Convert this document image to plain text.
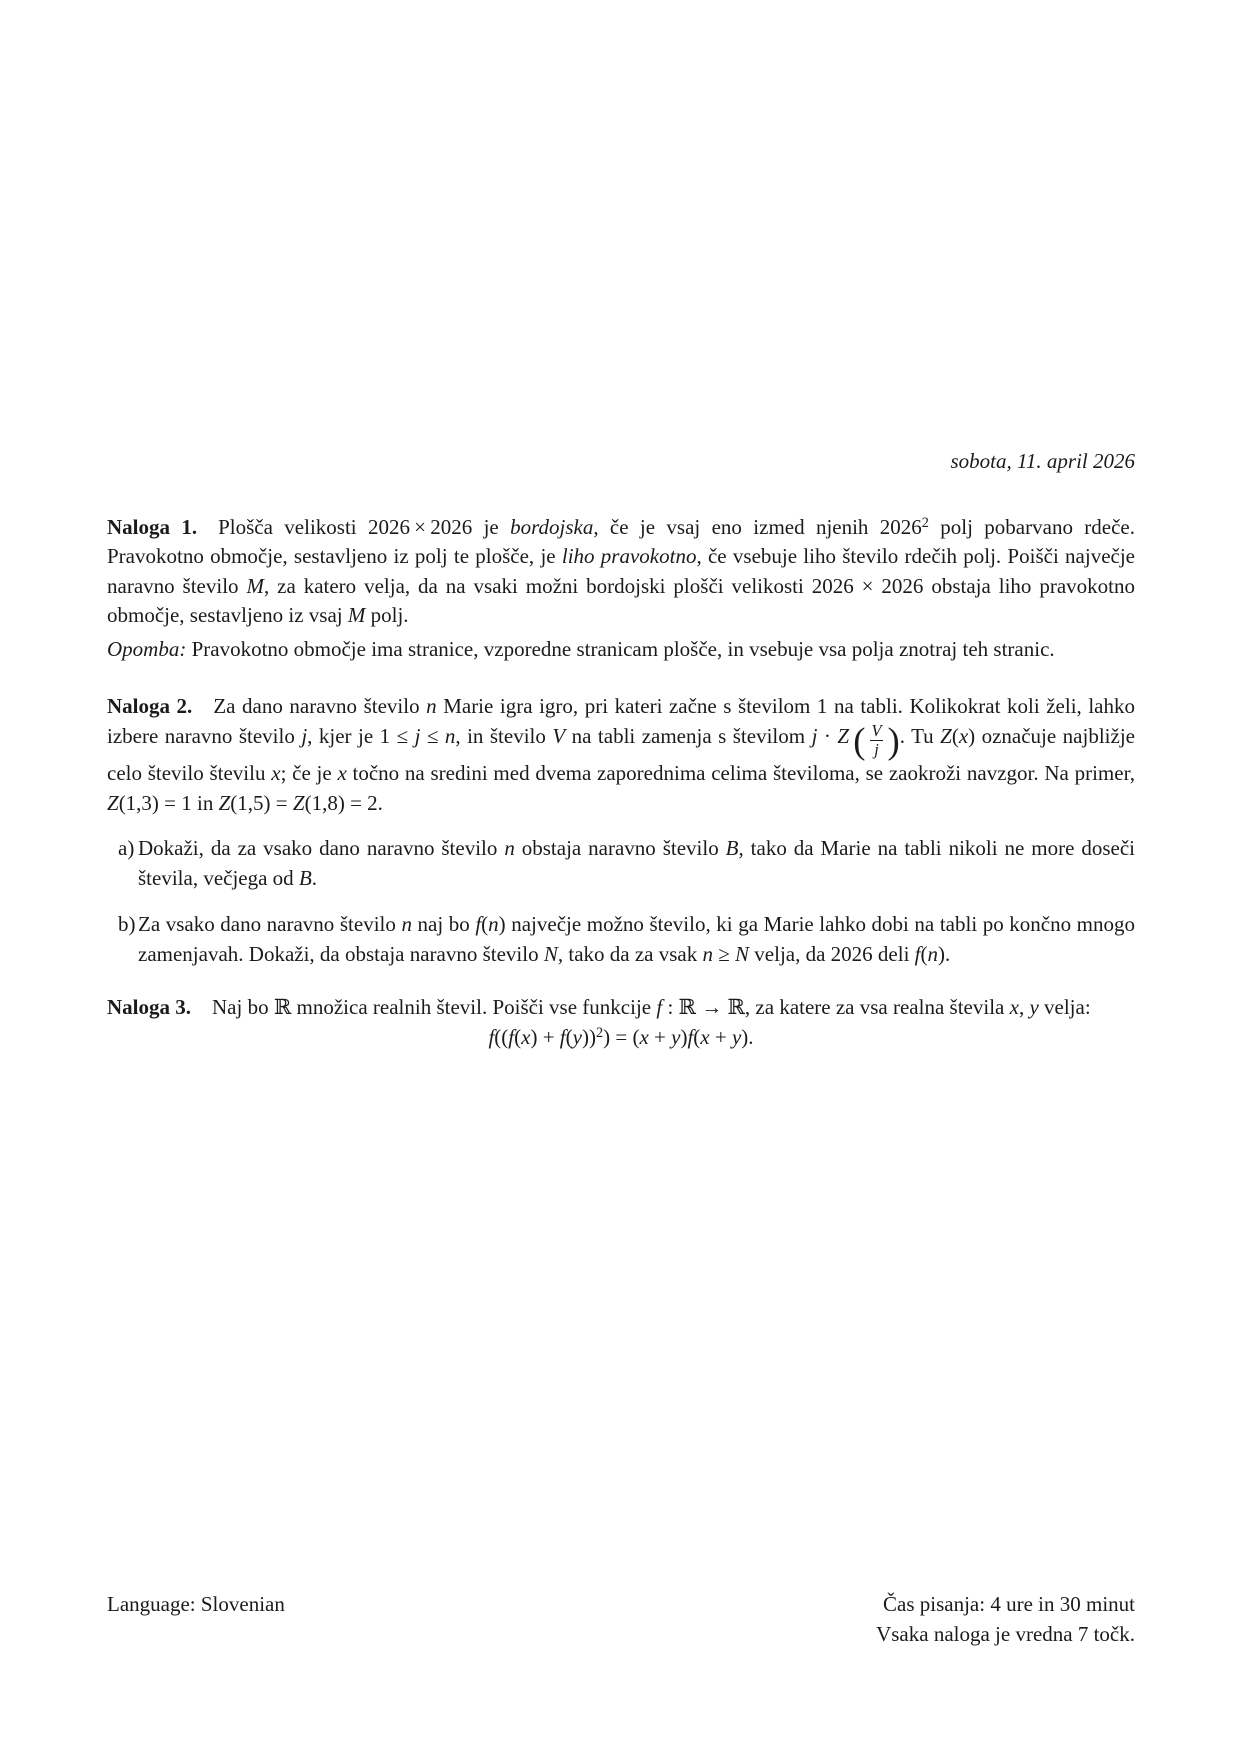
sobota, 11. april 2026

Naloga 1. Plošča velikosti 2026 × 2026 je bordojska, če je vsaj eno izmed njenih 2026$^2$ polj pobarvano rdeče. Pravokotno območje, sestavljeno iz polj te plošče, je liho pravokotno, če vsebuje liho število rdečih polj. Poišči največje naravno število M, za katero velja, da na vsaki možni bordojski plošči velikosti 2026 × 2026 obstaja liho pravokotno območje, sestavljeno iz vsaj M polj.

Opomba: Pravokotno območje ima stranice, vzporedne stranicam plošče, in vsebuje vsa polja znotraj teh stranic.

Naloga 2. Za dano naravno število n Marie igra igro, pri kateri začne s številom 1 na tabli. Kolikokrat koli želi, lahko izbere naravno število j, kjer je 1 ≤ j ≤ n, in število V na tabli zamenja s številom j · Z  ( $\frac{V}{j}$ ) . Tu Z(x) označuje najbližje celo število številu x; če je x točno na sredini med dvema zaporednima celima številoma, se zaokroži navzgor. Na primer, Z(1,3) = 1 in Z(1,5) = Z(1,8) = 2.

a) Dokaži, da za vsako dano naravno število n obstaja naravno število B, tako da Marie na tabli nikoli ne more doseči števila, večjega od B.
b) Za vsako dano naravno število n naj bo f(n) največje možno število, ki ga Marie lahko dobi na tabli po končno mnogo zamenjavah. Dokaži, da obstaja naravno število N, tako da za vsak n ≥ N velja, da 2026 deli f(n).

Naloga 3. Naj bo ℝ množica realnih števil. Poišči vse funkcije f : ℝ → ℝ, za katere za vsa realna števila x, y velja:

$f((f(x) + f(y))^2) = (x + y)f(x + y)$.

Language: Slovenian	Čas pisanja: 4 ure in 30 minut
Vsaka naloga je vredna 7 točk.
